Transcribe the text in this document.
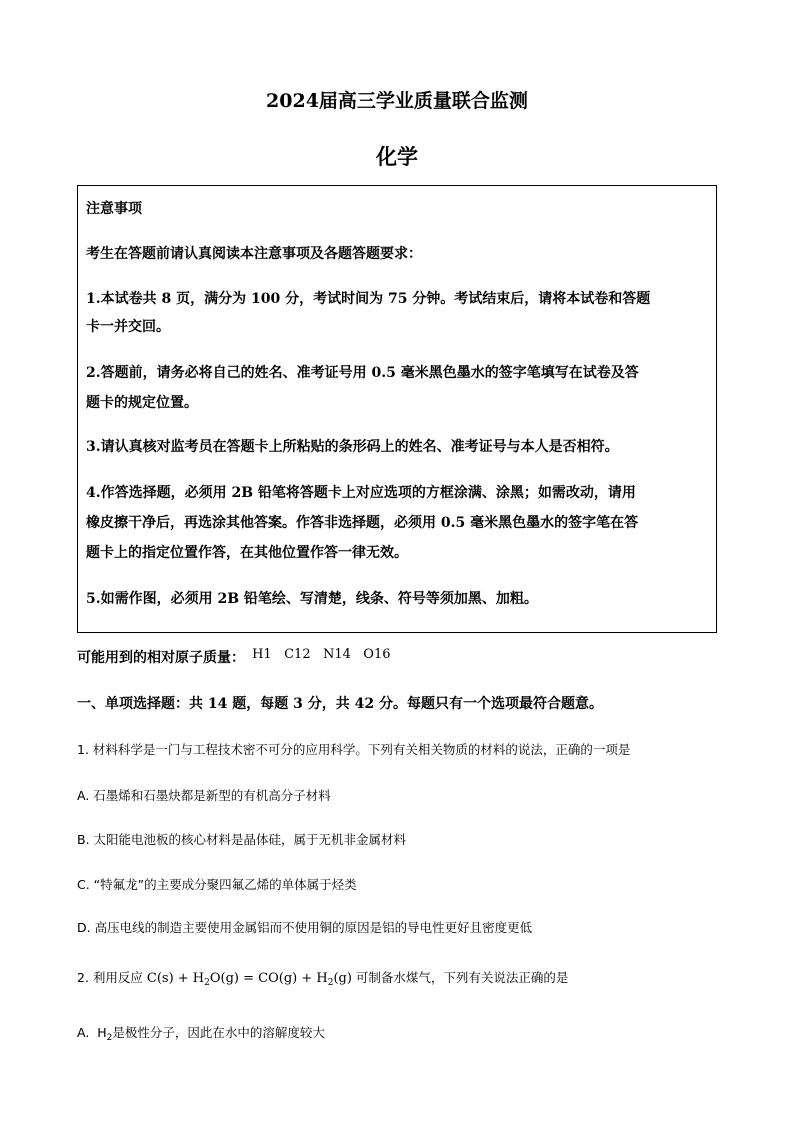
2024届高三学业质量联合监测
化学
注意事项
考生在答题前请认真阅读本注意事项及各题答题要求：
1.本试卷共 8 页，满分为 100 分，考试时间为 75 分钟。考试结束后，请将本试卷和答题
卡一并交回。
2.答题前，请务必将自己的姓名、准考证号用 0.5 毫米黑色墨水的签字笔填写在试卷及答
题卡的规定位置。
3.请认真核对监考员在答题卡上所粘贴的条形码上的姓名、准考证号与本人是否相符。
4.作答选择题，必须用 2B 铅笔将答题卡上对应选项的方框涂满、涂黑；如需改动，请用
橡皮擦干净后，再选涂其他答案。作答非选择题，必须用 0.5 毫米黑色墨水的签字笔在答
题卡上的指定位置作答，在其他位置作答一律无效。
5.如需作图，必须用 2B 铅笔绘、写清楚，线条、符号等须加黑、加粗。
可能用到的相对原子质量： $^{H1 C12 N14 O16}$
一、单项选择题：共 14 题，每题 3 分，共 42 分。每题只有一个选项最符合题意。
1. 材料科学是一门与工程技术密不可分的应用科学。下列有关相关物质的材料的说法，正确的一项是
A. 石墨烯和石墨炔都是新型的有机高分子材料
B. 太阳能电池板的核心材料是晶体硅，属于无机非金属材料
C. “特氟龙”的主要成分聚四氟乙烯的单体属于烃类
D. 高压电线的制造主要使用金属铝而不使用铜的原因是铝的导电性更好且密度更低
2. 利用反应 $C(s) + H_2O(g) = CO(g) + H_2(g)$ 可制备水煤气，下列有关说法正确的是
A.  $H_2$是极性分子，因此在水中的溶解度较大
